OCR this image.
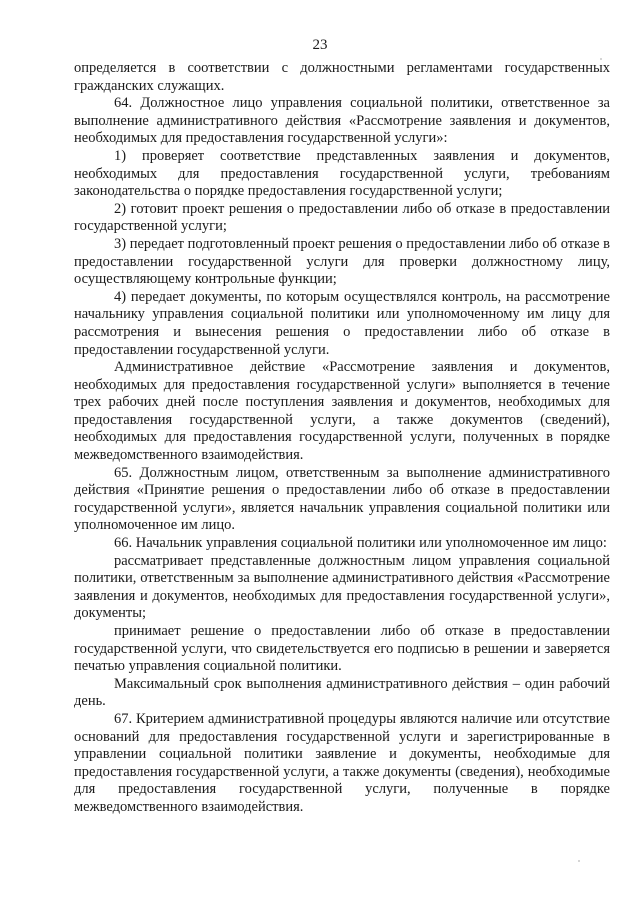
23

определяется в соответствии с должностными регламентами государственных гражданских служащих.

64. Должностное лицо управления социальной политики, ответственное за выполнение административного действия «Рассмотрение заявления и документов, необходимых для предоставления государственной услуги»:

1) проверяет соответствие представленных заявления и документов, необходимых для предоставления государственной услуги, требованиям законодательства о порядке предоставления государственной услуги;

2) готовит проект решения о предоставлении либо об отказе в предоставлении государственной услуги;

3) передает подготовленный проект решения о предоставлении либо об отказе в предоставлении государственной услуги для проверки должностному лицу, осуществляющему контрольные функции;

4) передает документы, по которым осуществлялся контроль, на рассмотрение начальнику управления социальной политики или уполномоченному им лицу для рассмотрения и вынесения решения о предоставлении либо об отказе в предоставлении государственной услуги.

Административное действие «Рассмотрение заявления и документов, необходимых для предоставления государственной услуги» выполняется в течение трех рабочих дней после поступления заявления и документов, необходимых для предоставления государственной услуги, а также документов (сведений), необходимых для предоставления государственной услуги, полученных в порядке межведомственного взаимодействия.

65. Должностным лицом, ответственным за выполнение административного действия «Принятие решения о предоставлении либо об отказе в предоставлении государственной услуги», является начальник управления социальной политики или уполномоченное им лицо.

66. Начальник управления социальной политики или уполномоченное им лицо:

рассматривает представленные должностным лицом управления социальной политики, ответственным за выполнение административного действия «Рассмотрение заявления и документов, необходимых для предоставления государственной услуги», документы;

принимает решение о предоставлении либо об отказе в предоставлении государственной услуги, что свидетельствуется его подписью в решении и заверяется печатью управления социальной политики.

Максимальный срок выполнения административного действия – один рабочий день.

67. Критерием административной процедуры являются наличие или отсутствие оснований для предоставления государственной услуги и зарегистрированные в управлении социальной политики заявление и документы, необходимые для предоставления государственной услуги, а также документы (сведения), необходимые для предоставления государственной услуги, полученные в порядке межведомственного взаимодействия.
